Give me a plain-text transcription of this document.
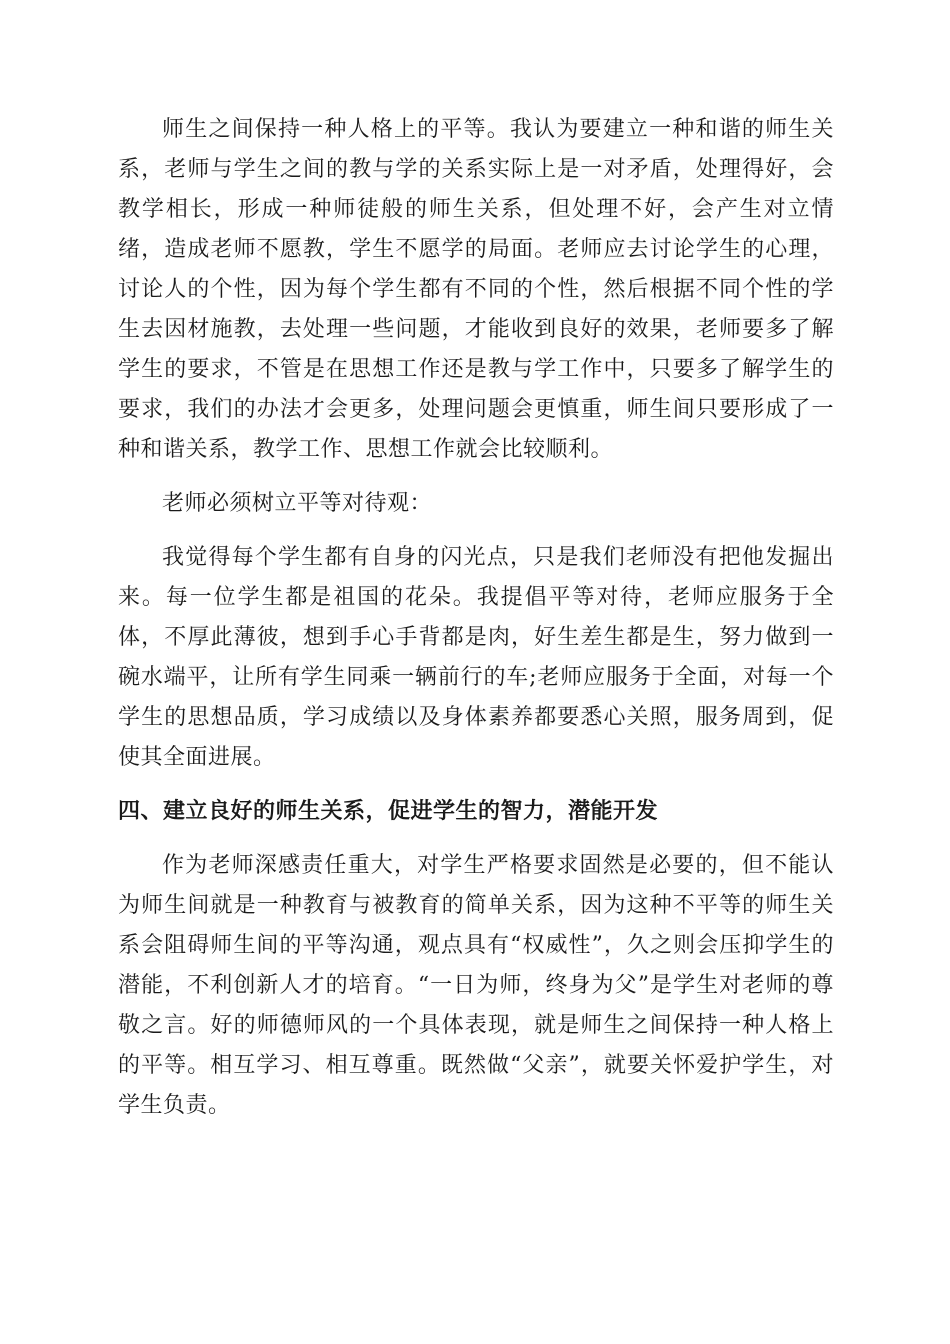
师生之间保持一种人格上的平等。我认为要建立一种和谐的师生关系，老师与学生之间的教与学的关系实际上是一对矛盾，处理得好，会教学相长，形成一种师徒般的师生关系，但处理不好，会产生对立情绪，造成老师不愿教，学生不愿学的局面。老师应去讨论学生的心理，讨论人的个性，因为每个学生都有不同的个性，然后根据不同个性的学生去因材施教，去处理一些问题，才能收到良好的效果，老师要多了解学生的要求，不管是在思想工作还是教与学工作中，只要多了解学生的要求，我们的办法才会更多，处理问题会更慎重，师生间只要形成了一种和谐关系，教学工作、思想工作就会比较顺利。

老师必须树立平等对待观：

我觉得每个学生都有自身的闪光点，只是我们老师没有把他发掘出来。每一位学生都是祖国的花朵。我提倡平等对待，老师应服务于全体，不厚此薄彼，想到手心手背都是肉，好生差生都是生，努力做到一碗水端平，让所有学生同乘一辆前行的车;老师应服务于全面，对每一个学生的思想品质，学习成绩以及身体素养都要悉心关照，服务周到，促使其全面进展。

四、建立良好的师生关系，促进学生的智力，潜能开发

作为老师深感责任重大，对学生严格要求固然是必要的，但不能认为师生间就是一种教育与被教育的简单关系，因为这种不平等的师生关系会阻碍师生间的平等沟通，观点具有“权威性”，久之则会压抑学生的潜能，不利创新人才的培育。“一日为师，终身为父”是学生对老师的尊敬之言。好的师德师风的一个具体表现，就是师生之间保持一种人格上的平等。相互学习、相互尊重。既然做“父亲”，就要关怀爱护学生，对学生负责。
